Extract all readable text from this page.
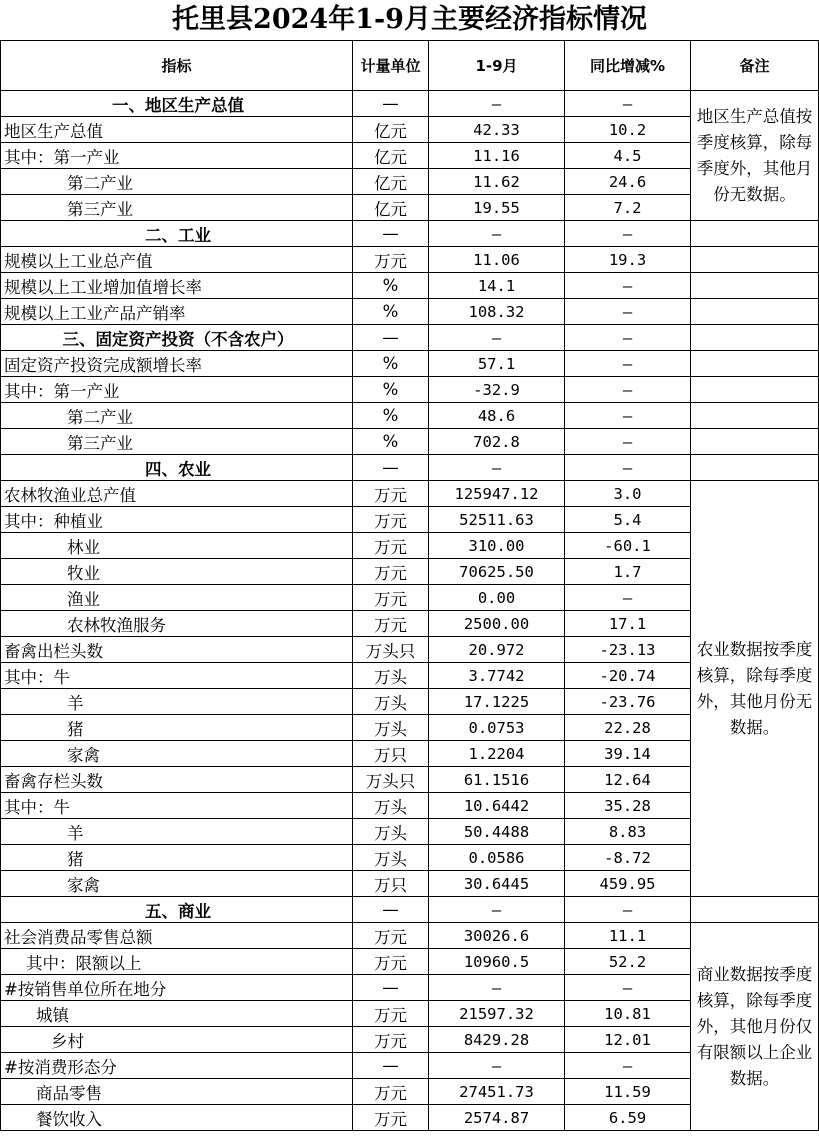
托里县2024年1-9月主要经济指标情况
指标	计量单位	1-9月	同比增减%	备注
一、地区生产总值	—	—	—	地区生产总值按季度核算，除每季度外，其他月份无数据。
地区生产总值	亿元	42.33	10.2	
其中：第一产业	亿元	11.16	4.5	
第二产业	亿元	11.62	24.6	
第三产业	亿元	19.55	7.2	
二、工业	—	—	—	
规模以上工业总产值	万元	11.06	19.3	
规模以上工业增加值增长率	%	14.1	—	
规模以上工业产品产销率	%	108.32	—	
三、固定资产投资（不含农户）	—	—	—	
固定资产投资完成额增长率	%	57.1	—	
其中：第一产业	%	-32.9	—	
第二产业	%	48.6	—	
第三产业	%	702.8	—	
四、农业	—	—	—	
农林牧渔业总产值	万元	125947.12	3.0	农业数据按季度核算，除每季度外，其他月份无数据。
其中：种植业	万元	52511.63	5.4	
林业	万元	310.00	-60.1	
牧业	万元	70625.50	1.7	
渔业	万元	0.00	—	
农林牧渔服务	万元	2500.00	17.1	
畜禽出栏头数	万头只	20.972	-23.13	
其中：牛	万头	3.7742	-20.74	
羊	万头	17.1225	-23.76	
猪	万头	0.0753	22.28	
家禽	万只	1.2204	39.14	
畜禽存栏头数	万头只	61.1516	12.64	
其中：牛	万头	10.6442	35.28	
羊	万头	50.4488	8.83	
猪	万头	0.0586	-8.72	
家禽	万只	30.6445	459.95	
五、商业	—	—	—	
社会消费品零售总额	万元	30026.6	11.1	商业数据按季度核算，除每季度外，其他月份仅有限额以上企业数据。
其中：限额以上	万元	10960.5	52.2	
#按销售单位所在地分	—	—	—	
城镇	万元	21597.32	10.81	
乡村	万元	8429.28	12.01	
#按消费形态分	—	—	—	
商品零售	万元	27451.73	11.59	
餐饮收入	万元	2574.87	6.59	
